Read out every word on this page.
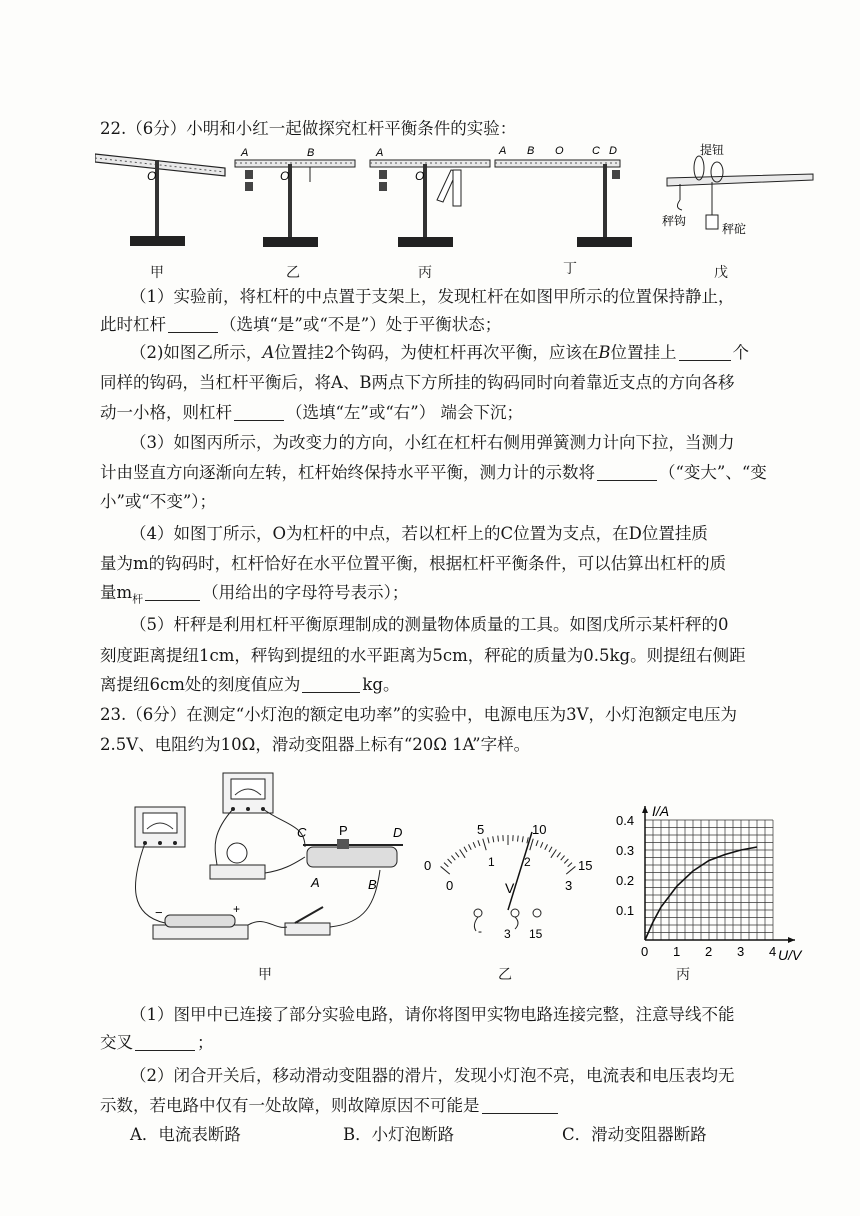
22.（6分）小明和小红一起做探究杠杆平衡条件的实验：
O
A	B
O
A
O
A B O	C D	提钮
秤钩
秤砣
甲	乙	丙	丁	戊
（1）实验前，将杠杆的中点置于支架上，发现杠杆在如图甲所示的位置保持静止，
此时杠杆	（选填“是”或“不是”）处于平衡状态；
（2)如图乙所示，A位置挂2个钩码，为使杠杆再次平衡，应该在B位置挂上	个
同样的钩码，当杠杆平衡后，将A、B两点下方所挂的钩码同时向着靠近支点的方向各移
动一小格，则杠杆	（选填“左”或“右”） 端会下沉；
（3）如图丙所示，为改变力的方向，小红在杠杆右侧用弹簧测力计向下拉，当测力
计由竖直方向逐渐向左转，杠杆始终保持水平平衡，测力计的示数将	（“变大”、“变
小”或“不变”）；
（4）如图丁所示，O为杠杆的中点，若以杠杆上的C位置为支点，在D位置挂质
量为m的钩码时，杠杆恰好在水平位置平衡，根据杠杆平衡条件，可以估算出杠杆的质
量$m_杆$	（用给出的字母符号表示）；
（5）杆秤是利用杠杆平衡原理制成的测量物体质量的工具。如图戊所示某杆秤的0
刻度距离提纽1cm，秤钩到提纽的水平距离为5cm，秤砣的质量为0.5kg。则提纽右侧距
离提纽6cm处的刻度值应为	kg。
23.（6分）在测定“小灯泡的额定电功率”的实验中，电源电压为3V，小灯泡额定电压为
2.5V、电阻约为10Ω，滑动变阻器上标有“20Ω 1A”字样。
C	P	D
A	B
−	+
0
5	10
15
0
1 2
3
V
- 3 15
0 1 2 3 4
0.1
0.2
0.3
0.4
I/A
U/V
甲	乙	丙
（1）图甲中已连接了部分实验电路，请你将图甲实物电路连接完整，注意导线不能
交叉	；
（2）闭合开关后，移动滑动变阻器的滑片，发现小灯泡不亮，电流表和电压表均无
示数，若电路中仅有一处故障，则故障原因不可能是
A．电流表断路	B．小灯泡断路	C．滑动变阻器断路
